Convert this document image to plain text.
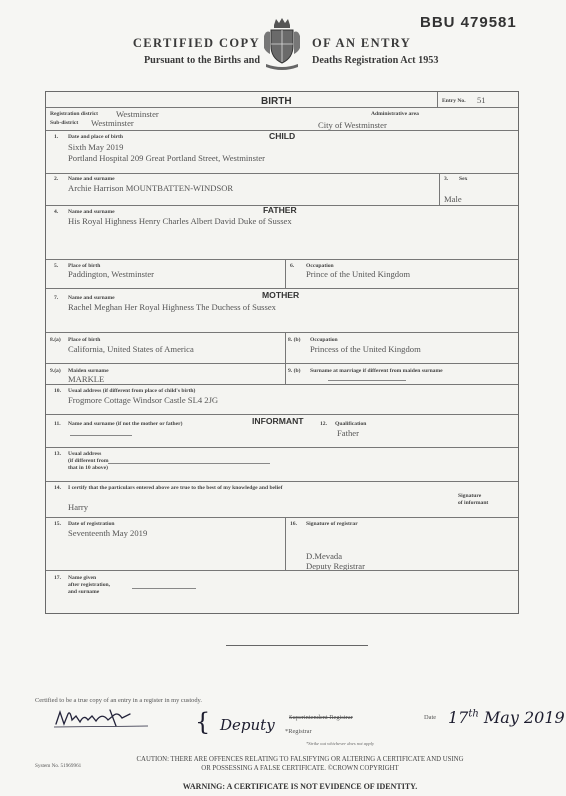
BBU 479581
CERTIFIED COPY
Pursuant to the Births and
OF AN ENTRY
Deaths Registration Act 1953
BIRTH	Entry No. 51
Registration district Westminster	Administrative area
Sub-district Westminster	City of Westminster
CHILD
1. Date and place of birth
Sixth May 2019
Portland Hospital 209 Great Portland Street, Westminster
2. Name and surname
Archie Harrison MOUNTBATTEN-WINDSOR
3. Sex
Male
FATHER
4. Name and surname
His Royal Highness Henry Charles Albert David Duke of Sussex
5. Place of birth
Paddington, Westminster
6. Occupation
Prince of the United Kingdom
MOTHER
7. Name and surname
Rachel Meghan Her Royal Highness The Duchess of Sussex
8.(a) Place of birth
California, United States of America
8. (b) Occupation
Princess of the United Kingdom
9.(a) Maiden surname
MARKLE
9. (b) Surname at marriage if different from maiden surname
10. Usual address (if different from place of child's birth)
Frogmore Cottage Windsor Castle SL4 2JG
INFORMANT
11. Name and surname (if not the mother or father)	12. Qualification
Father
13. Usual address
(if different from
that in 10 above)
14. I certify that the particulars entered above are true to the best of my knowledge and belief
Harry
Signature
of informant
15. Date of registration
Seventeenth May 2019
16. Signature of registrar
D.Mevada
Deputy Registrar
17. Name given
after registration,
and surname
Certified to be a true copy of an entry in a register in my custody.
{ Deputy Superintendent Registrar
*Registrar
*Strike out whichever does not apply
Date 17th May 2019
System No. 51969961
CAUTION: THERE ARE OFFENCES RELATING TO FALSIFYING OR ALTERING A CERTIFICATE AND USING
OR POSSESSING A FALSE CERTIFICATE. ©CROWN COPYRIGHT
WARNING: A CERTIFICATE IS NOT EVIDENCE OF IDENTITY.
